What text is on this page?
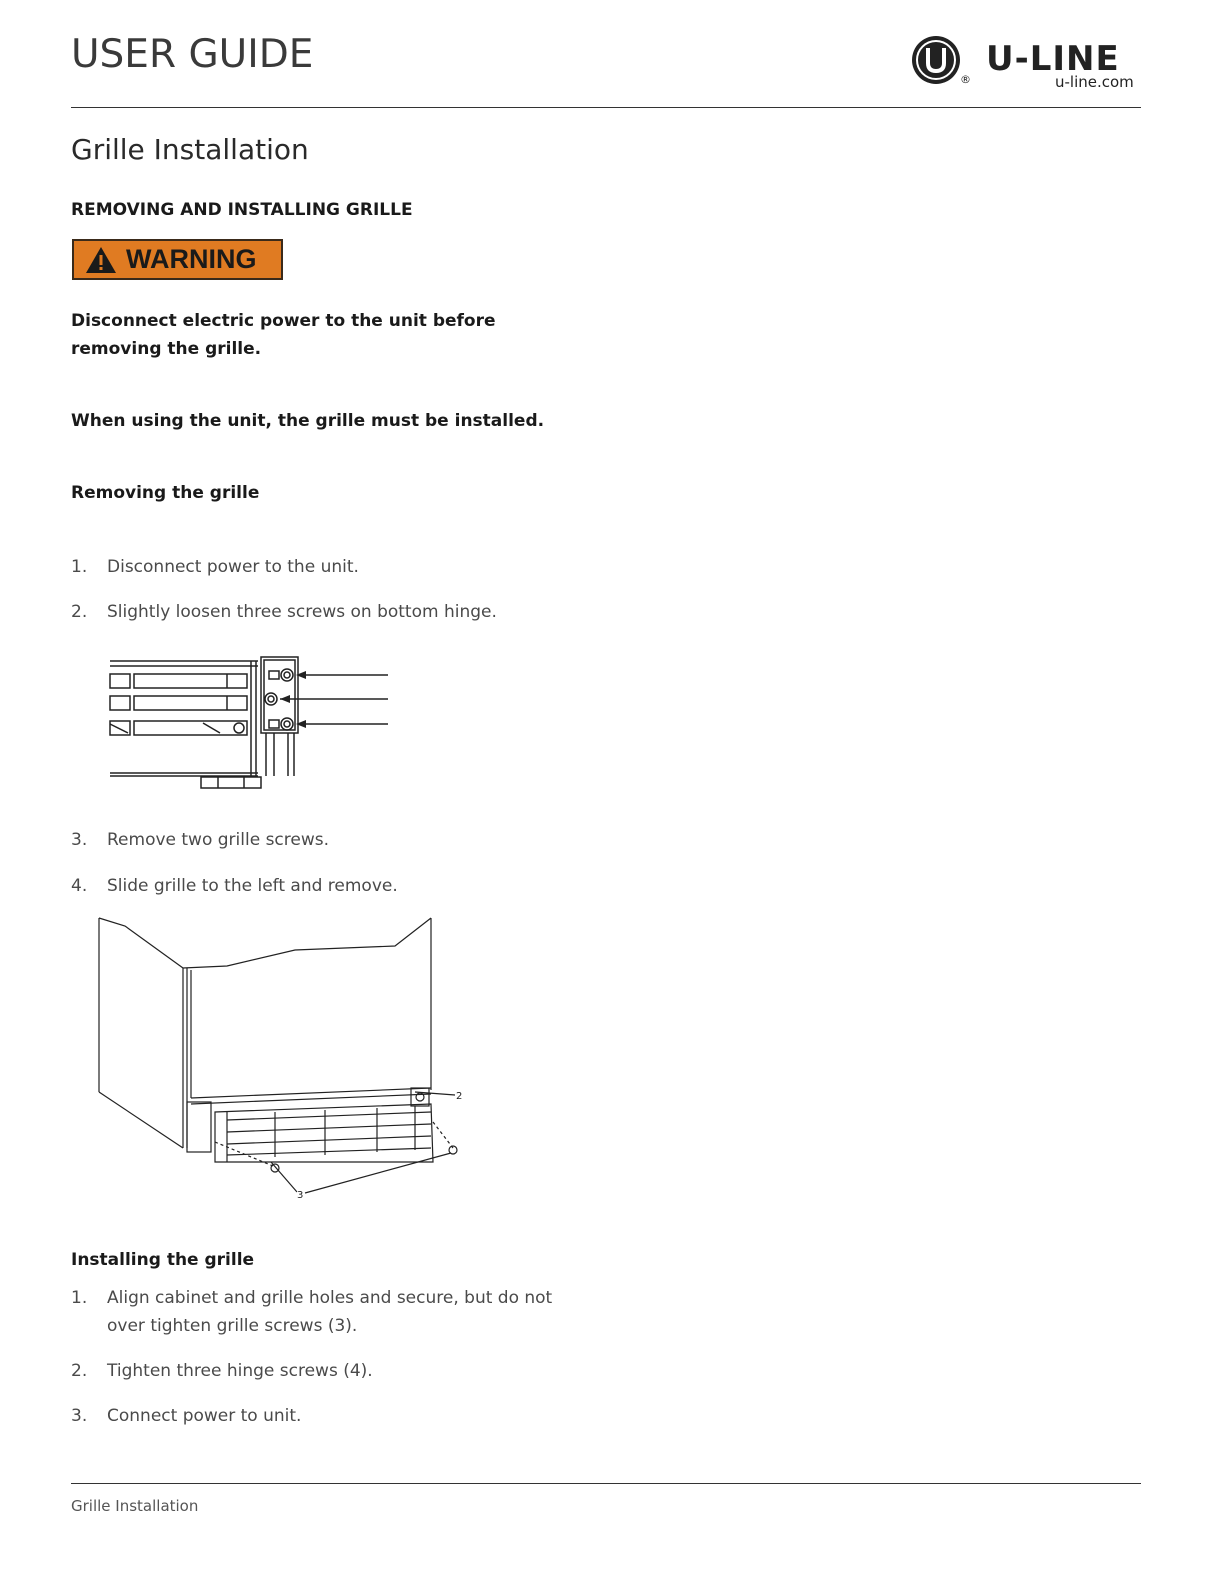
USER GUIDE
®
U-LINE
u-line.com
Grille Installation
REMOVING AND INSTALLING GRILLE
WARNING
Disconnect electric power to the unit before removing the grille.
When using the unit, the grille must be installed.
Removing the grille
1.	Disconnect power to the unit.
2.	Slightly loosen three screws on bottom hinge.
3.	Remove two grille screws.
4.	Slide grille to the left and remove.
2
3
Installing the grille
1.	Align cabinet and grille holes and secure, but do not over tighten grille screws (3).
2.	Tighten three hinge screws (4).
3.	Connect power to unit.
Grille Installation
